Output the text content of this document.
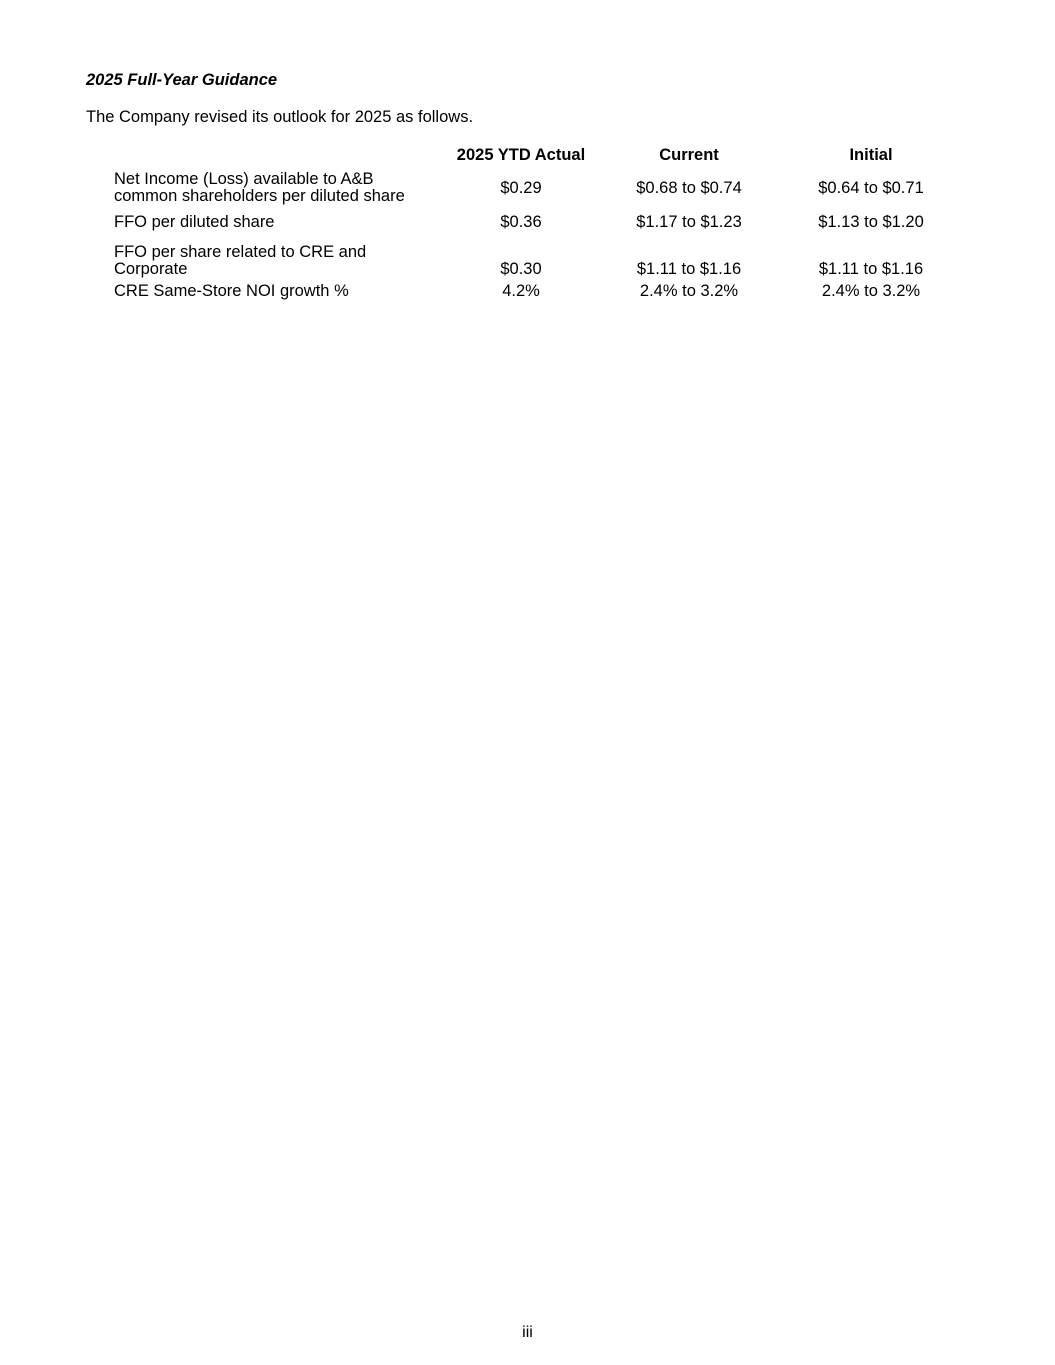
2025 Full-Year Guidance
The Company revised its outlook for 2025 as follows.
	2025 YTD Actual	Current	Initial

Net Income (Loss) available to A&B
common shareholders per diluted share	$0.29	$0.68 to $0.74	$0.64 to $0.71

FFO per diluted share	$0.36	$1.17 to $1.23	$1.13 to $1.20

FFO per share related to CRE and
Corporate	$0.30	$1.11 to $1.16	$1.11 to $1.16

CRE Same-Store NOI growth %	4.2%	2.4% to 3.2%	2.4% to 3.2%
iii
